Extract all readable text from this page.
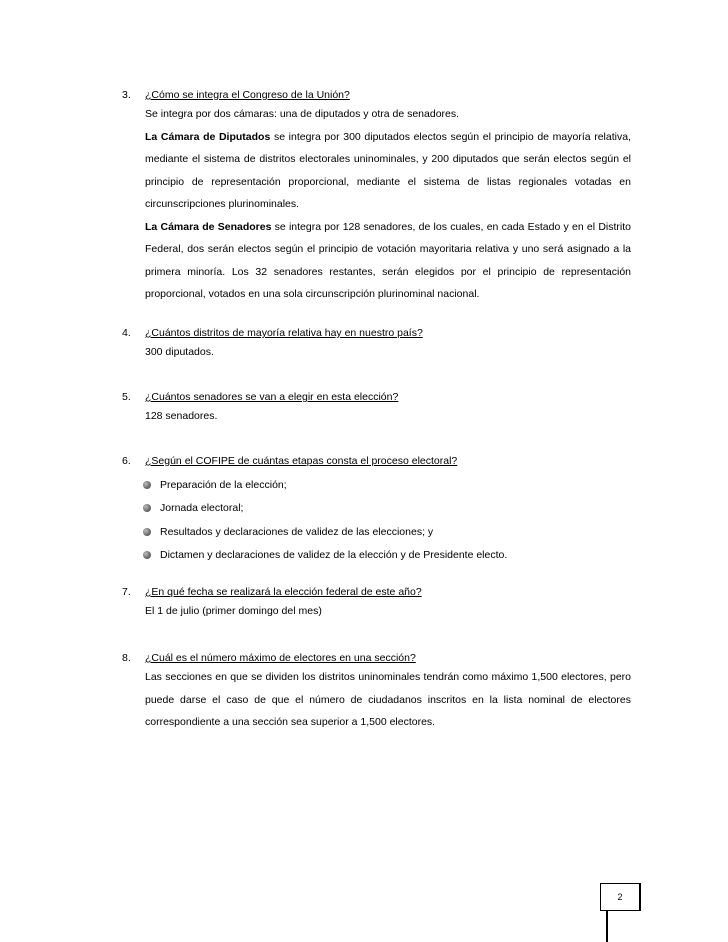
3. ¿Cómo se integra el Congreso de la Unión?

Se integra por dos cámaras: una de diputados y otra de senadores.

La Cámara de Diputados se integra por 300 diputados electos según el principio de mayoría relativa, mediante el sistema de distritos electorales uninominales, y 200 diputados que serán electos según el principio de representación proporcional, mediante el sistema de listas regionales votadas en circunscripciones plurinominales.

La Cámara de Senadores se integra por 128 senadores, de los cuales, en cada Estado y en el Distrito Federal, dos serán electos según el principio de votación mayoritaria relativa y uno será asignado a la primera minoría. Los 32 senadores restantes, serán elegidos por el principio de representación proporcional, votados en una sola circunscripción plurinominal nacional.

4. ¿Cuántos distritos de mayoría relativa hay en nuestro país?

300 diputados.

5. ¿Cuántos senadores se van a elegir en esta elección?

128 senadores.

6. ¿Según el COFIPE de cuántas etapas consta el proceso electoral?
Preparación de la elección;
Jornada electoral;
Resultados y declaraciones de validez de las elecciones; y
Dictamen y declaraciones de validez de la elección y de Presidente electo.
7. ¿En qué fecha se realizará la elección federal de este año?

El 1 de julio (primer domingo del mes)

8. ¿Cuál es el número máximo de electores en una sección?

Las secciones en que se dividen los distritos uninominales tendrán como máximo 1,500 electores, pero puede darse el caso de que el número de ciudadanos inscritos en la lista nominal de electores correspondiente a una sección sea superior a 1,500 electores.

2
